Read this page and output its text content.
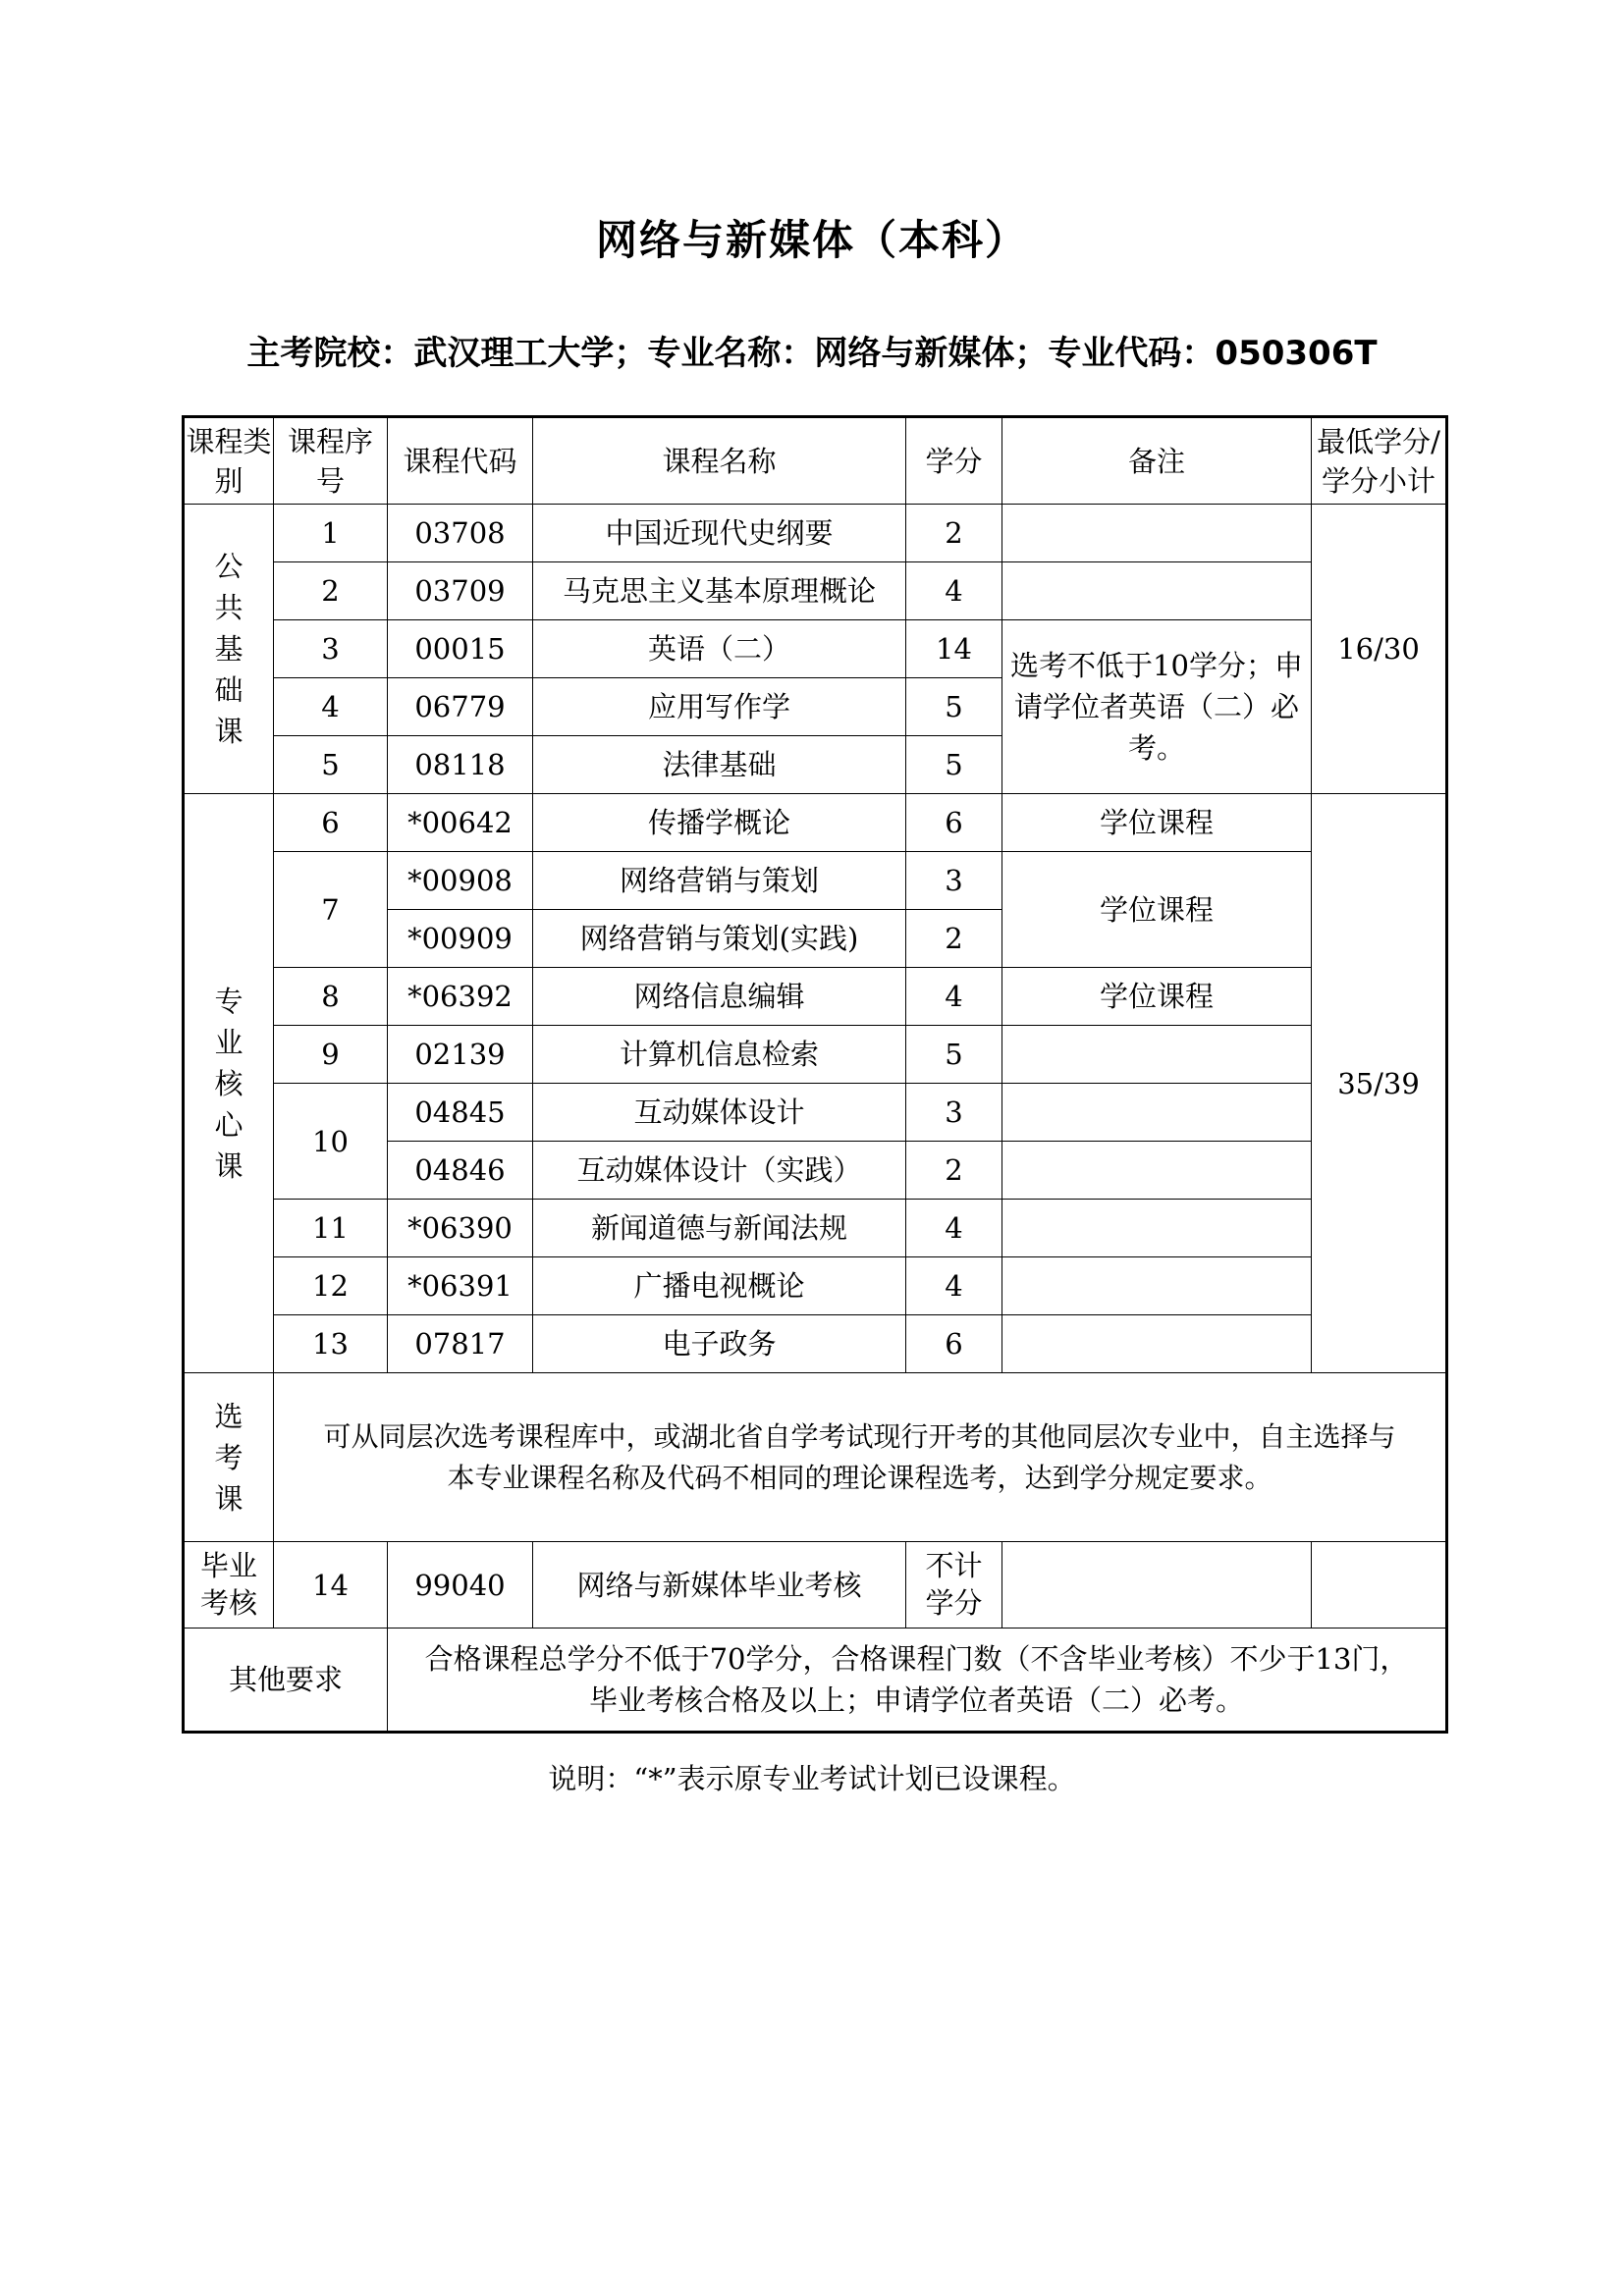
网络与新媒体（本科）
主考院校：武汉理工大学；专业名称：网络与新媒体；专业代码：050306T
课程类别	课程序号	课程代码	课程名称	学分	备注	最低学分/学分小计
公共基础课	1	03708	中国近现代史纲要	2		16/30
	2	03709	马克思主义基本原理概论	4		
	3	00015	英语（二）	14	选考不低于10学分；申请学位者英语（二）必考。	
	4	06779	应用写作学	5		
	5	08118	法律基础	5		
专业核心课	6	*00642	传播学概论	6	学位课程	35/39
	7	*00908	网络营销与策划	3	学位课程	
		*00909	网络营销与策划(实践)	2		
	8	*06392	网络信息编辑	4	学位课程	
	9	02139	计算机信息检索	5		
	10	04845	互动媒体设计	3		
		04846	互动媒体设计（实践）	2		
	11	*06390	新闻道德与新闻法规	4		
	12	*06391	广播电视概论	4		
	13	07817	电子政务	6		
选考课	可从同层次选考课程库中，或湖北省自学考试现行开考的其他同层次专业中，自主选择与
本专业课程名称及代码不相同的理论课程选考，达到学分规定要求。					

毕业考核	14	99040	网络与新媒体毕业考核	不计学分		
其他要求		合格课程总学分不低于70学分，合格课程门数（不含毕业考核）不少于13门，
毕业考核合格及以上；申请学位者英语（二）必考。				
说明：“*”表示原专业考试计划已设课程。
